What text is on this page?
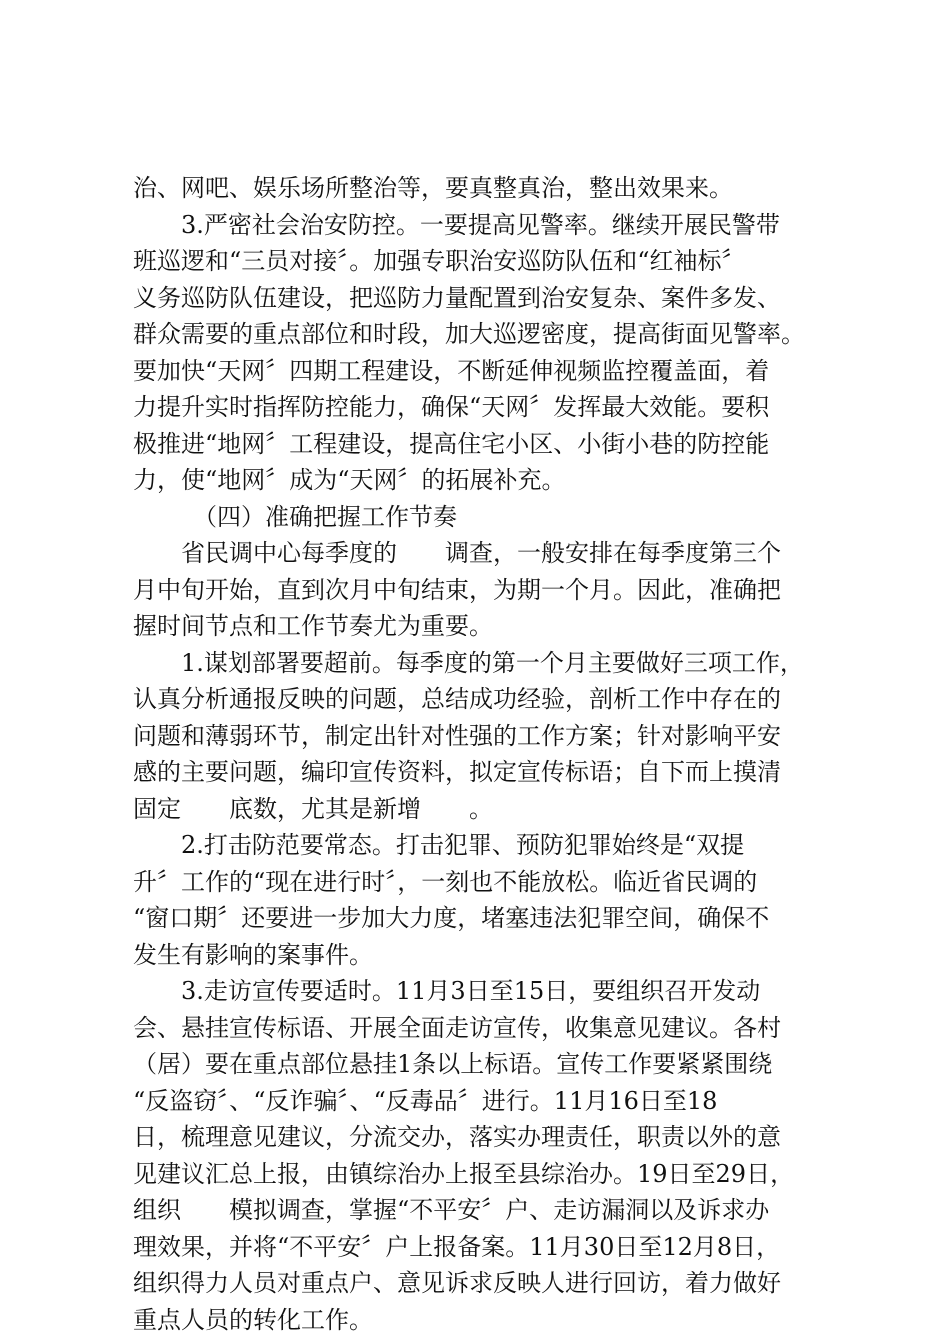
治、网吧、娱乐场所整治等，要真整真治，整出效果来。
3.严密社会治安防控。一要提高见警率。继续开展民警带
班巡逻和“三员对接〞。加强专职治安巡防队伍和“红袖标〞
义务巡防队伍建设，把巡防力量配置到治安复杂、案件多发、
群众需要的重点部位和时段，加大巡逻密度，提高街面见警率。
要加快“天网〞四期工程建设，不断延伸视频监控覆盖面，着
力提升实时指挥防控能力，确保“天网〞发挥最大效能。要积
极推进“地网〞工程建设，提高住宅小区、小街小巷的防控能
力，使“地网〞成为“天网〞的拓展补充。
（四）准确把握工作节奏
省民调中心每季度的　　调查，一般安排在每季度第三个
月中旬开始，直到次月中旬结束，为期一个月。因此，准确把
握时间节点和工作节奏尤为重要。
1.谋划部署要超前。每季度的第一个月主要做好三项工作，
认真分析通报反映的问题，总结成功经验，剖析工作中存在的
问题和薄弱环节，制定出针对性强的工作方案；针对影响平安
感的主要问题，编印宣传资料，拟定宣传标语；自下而上摸清
固定　　底数，尤其是新增　　。
2.打击防范要常态。打击犯罪、预防犯罪始终是“双提
升〞工作的“现在进行时〞，一刻也不能放松。临近省民调的
“窗口期〞还要进一步加大力度，堵塞违法犯罪空间，确保不
发生有影响的案事件。
3.走访宣传要适时。11月3日至15日，要组织召开发动
会、悬挂宣传标语、开展全面走访宣传，收集意见建议。各村
（居）要在重点部位悬挂1条以上标语。宣传工作要紧紧围绕
“反盗窃〞、“反诈骗〞、“反毒品〞进行。11月16日至18
日，梳理意见建议，分流交办，落实办理责任，职责以外的意
见建议汇总上报，由镇综治办上报至县综治办。19日至29日，
组织　　模拟调查，掌握“不平安〞户、走访漏洞以及诉求办
理效果，并将“不平安〞户上报备案。11月30日至12月8日，
组织得力人员对重点户、意见诉求反映人进行回访，着力做好
重点人员的转化工作。
